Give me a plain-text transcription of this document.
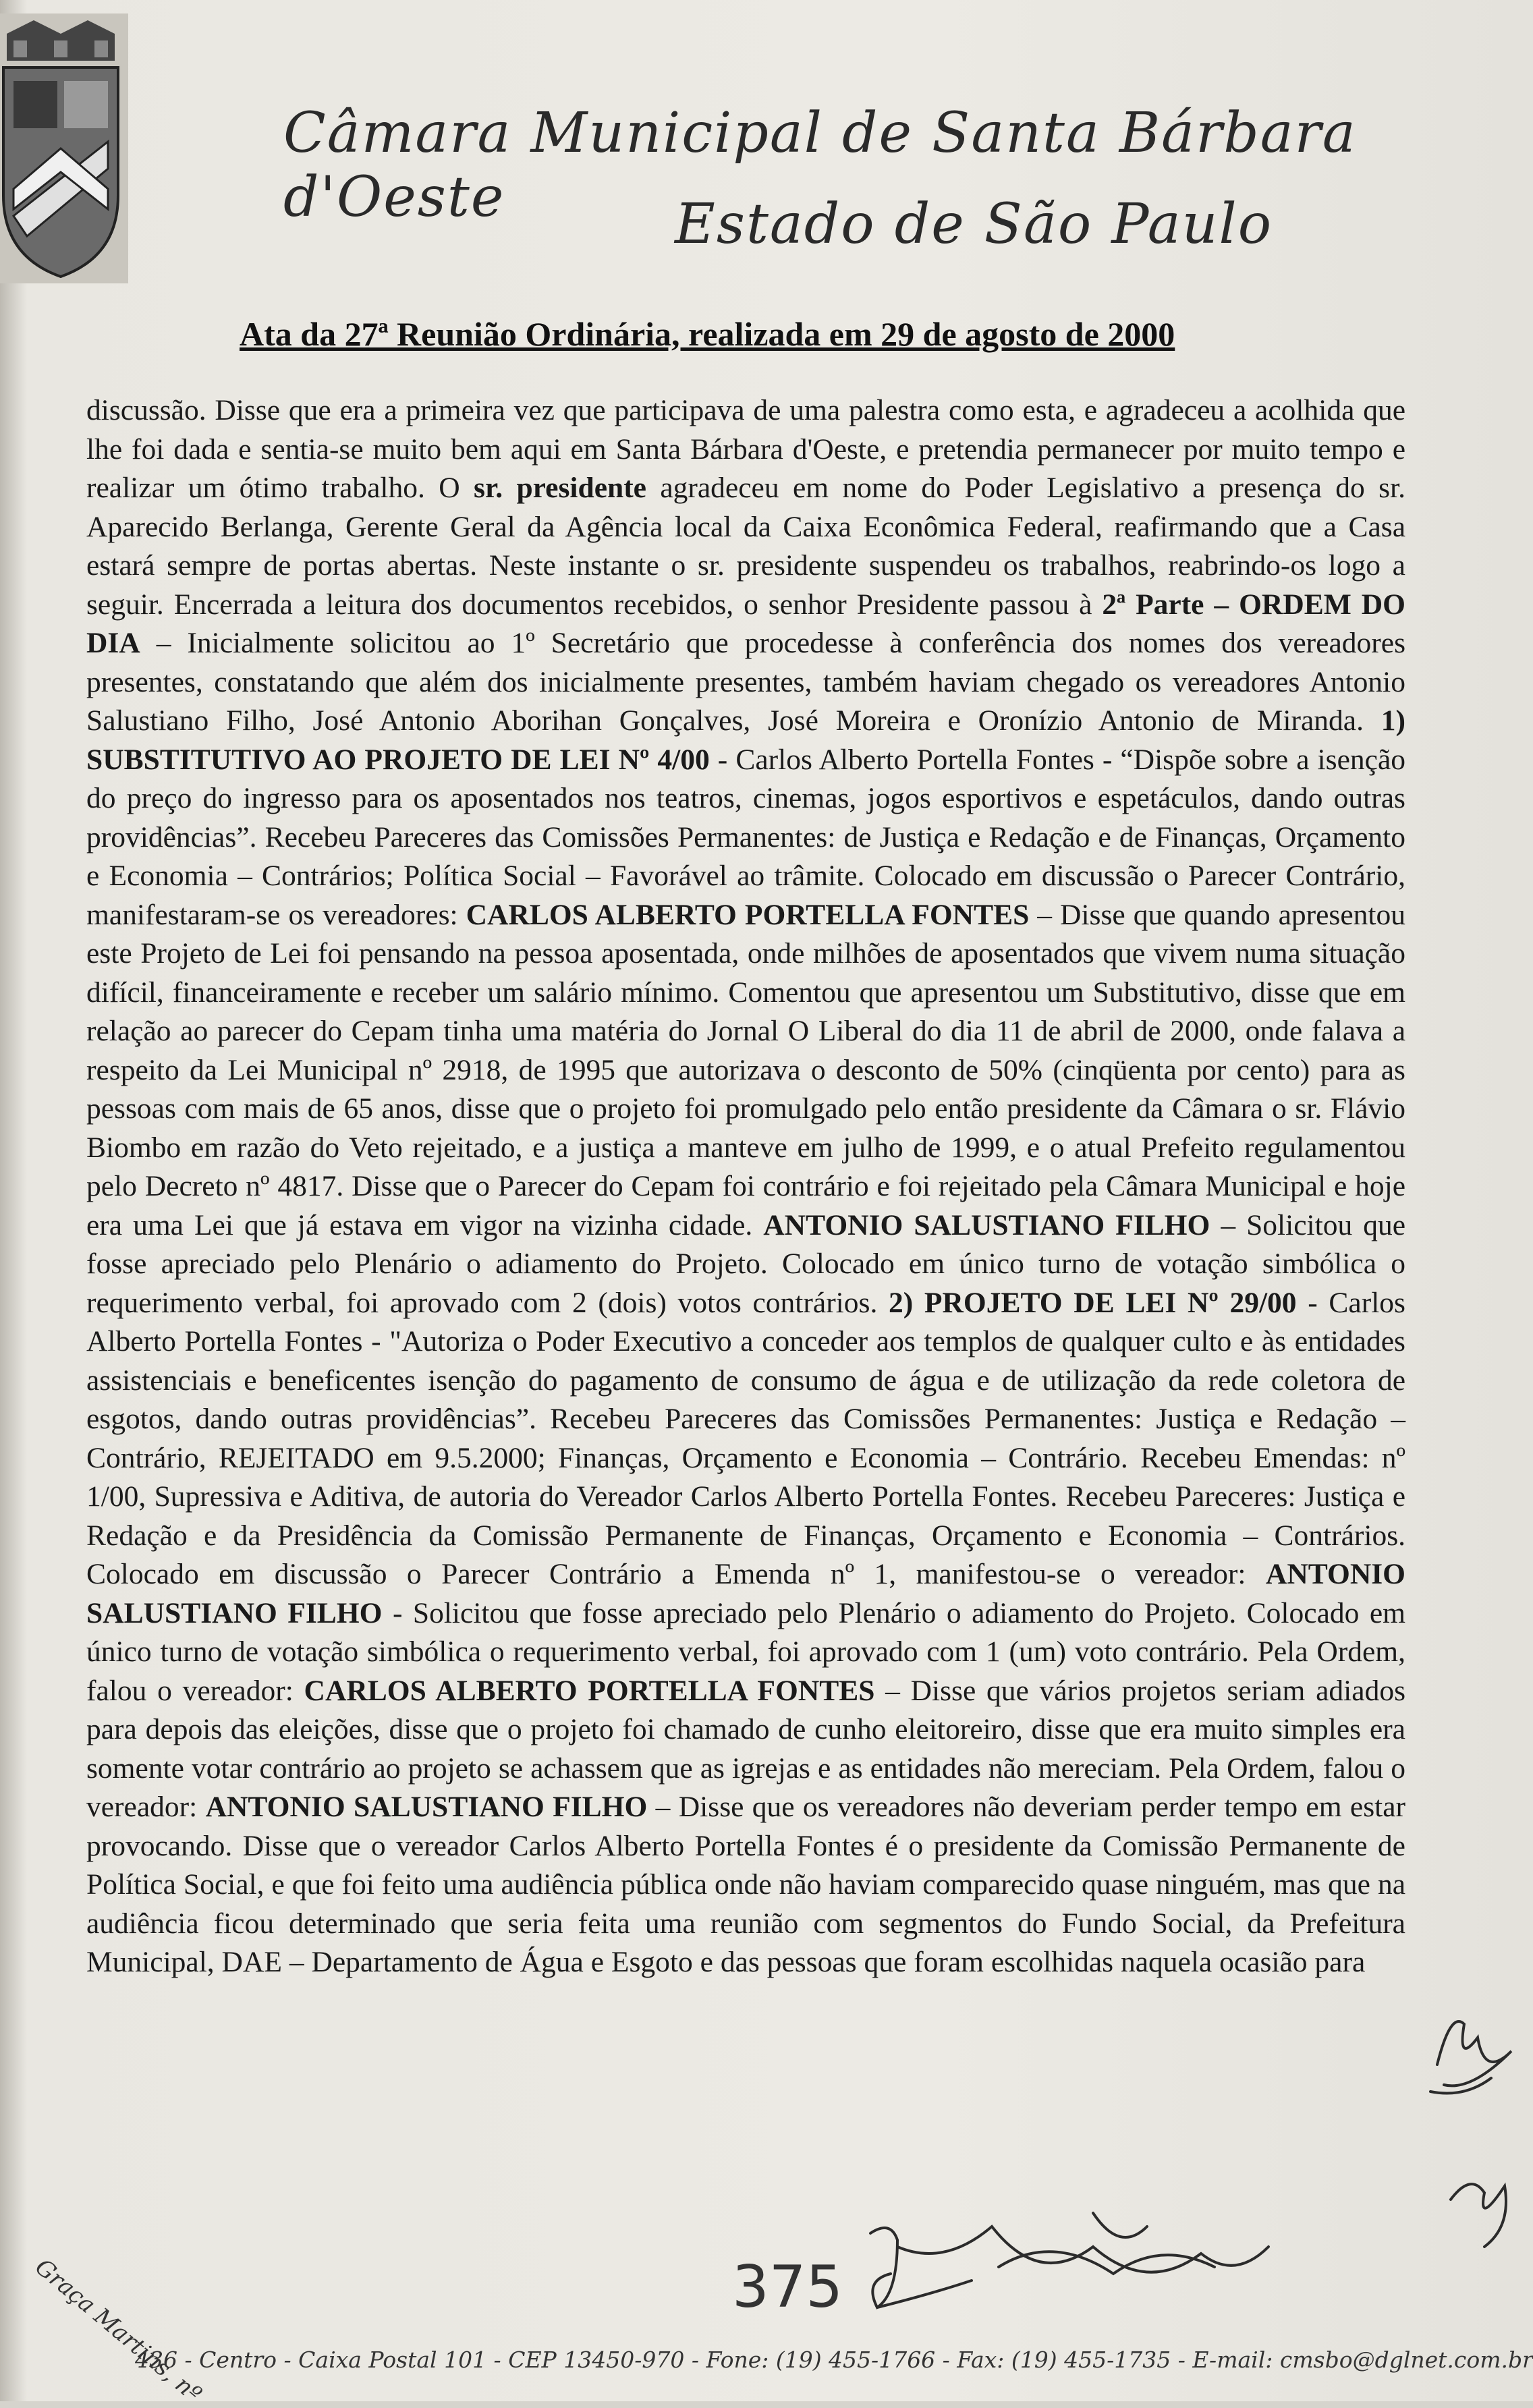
Câmara Municipal de Santa Bárbara d'Oeste	Estado de São Paulo
Ata da 27ª Reunião Ordinária, realizada em 29 de agosto de 2000
discussão. Disse que era a primeira vez que participava de uma palestra como esta, e agradeceu a acolhida que lhe foi dada e sentia-se muito bem aqui em Santa Bárbara d'Oeste, e pretendia permanecer por muito tempo e realizar um ótimo trabalho. O sr. presidente agradeceu em nome do Poder Legislativo a presença do sr. Aparecido Berlanga, Gerente Geral da Agência local da Caixa Econômica Federal, reafirmando que a Casa estará sempre de portas abertas. Neste instante o sr. presidente suspendeu os trabalhos, reabrindo-os logo a seguir. Encerrada a leitura dos documentos recebidos, o senhor Presidente passou à 2ª Parte – ORDEM DO DIA – Inicialmente solicitou ao 1º Secretário que procedesse à conferência dos nomes dos vereadores presentes, constatando que além dos inicialmente presentes, também haviam chegado os vereadores Antonio Salustiano Filho, José Antonio Aborihan Gonçalves, José Moreira e Oronízio Antonio de Miranda. 1) SUBSTITUTIVO AO PROJETO DE LEI Nº 4/00 - Carlos Alberto Portella Fontes - “Dispõe sobre a isenção do preço do ingresso para os aposentados nos teatros, cinemas, jogos esportivos e espetáculos, dando outras providências”. Recebeu Pareceres das Comissões Permanentes: de Justiça e Redação e de Finanças, Orçamento e Economia – Contrários; Política Social – Favorável ao trâmite. Colocado em discussão o Parecer Contrário, manifestaram-se os vereadores: CARLOS ALBERTO PORTELLA FONTES – Disse que quando apresentou este Projeto de Lei foi pensando na pessoa aposentada, onde milhões de aposentados que vivem numa situação difícil, financeiramente e receber um salário mínimo. Comentou que apresentou um Substitutivo, disse que em relação ao parecer do Cepam tinha uma matéria do Jornal O Liberal do dia 11 de abril de 2000, onde falava a respeito da Lei Municipal nº 2918, de 1995 que autorizava o desconto de 50% (cinqüenta por cento) para as pessoas com mais de 65 anos, disse que o projeto foi promulgado pelo então presidente da Câmara o sr. Flávio Biombo em razão do Veto rejeitado, e a justiça a manteve em julho de 1999, e o atual Prefeito regulamentou pelo Decreto nº 4817. Disse que o Parecer do Cepam foi contrário e foi rejeitado pela Câmara Municipal e hoje era uma Lei que já estava em vigor na vizinha cidade. ANTONIO SALUSTIANO FILHO – Solicitou que fosse apreciado pelo Plenário o adiamento do Projeto. Colocado em único turno de votação simbólica o requerimento verbal, foi aprovado com 2 (dois) votos contrários. 2) PROJETO DE LEI Nº 29/00 - Carlos Alberto Portella Fontes - "Autoriza o Poder Executivo a conceder aos templos de qualquer culto e às entidades assistenciais e beneficentes isenção do pagamento de consumo de água e de utilização da rede coletora de esgotos, dando outras providências”. Recebeu Pareceres das Comissões Permanentes: Justiça e Redação – Contrário, REJEITADO em 9.5.2000; Finanças, Orçamento e Economia – Contrário. Recebeu Emendas: nº 1/00, Supressiva e Aditiva, de autoria do Vereador Carlos Alberto Portella Fontes. Recebeu Pareceres: Justiça e Redação e da Presidência da Comissão Permanente de Finanças, Orçamento e Economia – Contrários. Colocado em discussão o Parecer Contrário a Emenda nº 1, manifestou-se o vereador: ANTONIO SALUSTIANO FILHO - Solicitou que fosse apreciado pelo Plenário o adiamento do Projeto. Colocado em único turno de votação simbólica o requerimento verbal, foi aprovado com 1 (um) voto contrário. Pela Ordem, falou o vereador: CARLOS ALBERTO PORTELLA FONTES – Disse que vários projetos seriam adiados para depois das eleições, disse que o projeto foi chamado de cunho eleitoreiro, disse que era muito simples era somente votar contrário ao projeto se achassem que as igrejas e as entidades não mereciam. Pela Ordem, falou o vereador: ANTONIO SALUSTIANO FILHO – Disse que os vereadores não deveriam perder tempo em estar provocando. Disse que o vereador Carlos Alberto Portella Fontes é o presidente da Comissão Permanente de Política Social, e que foi feito uma audiência pública onde não haviam comparecido quase ninguém, mas que na audiência ficou determinado que seria feita uma reunião com segmentos do Fundo Social, da Prefeitura Municipal, DAE – Departamento de Água e Esgoto e das pessoas que foram escolhidas naquela ocasião para
375
Graça Martins, nº
436 - Centro - Caixa Postal 101 - CEP 13450-970 - Fone: (19) 455-1766 - Fax: (19) 455-1735 - E-mail: cmsbo@dglnet.com.br
